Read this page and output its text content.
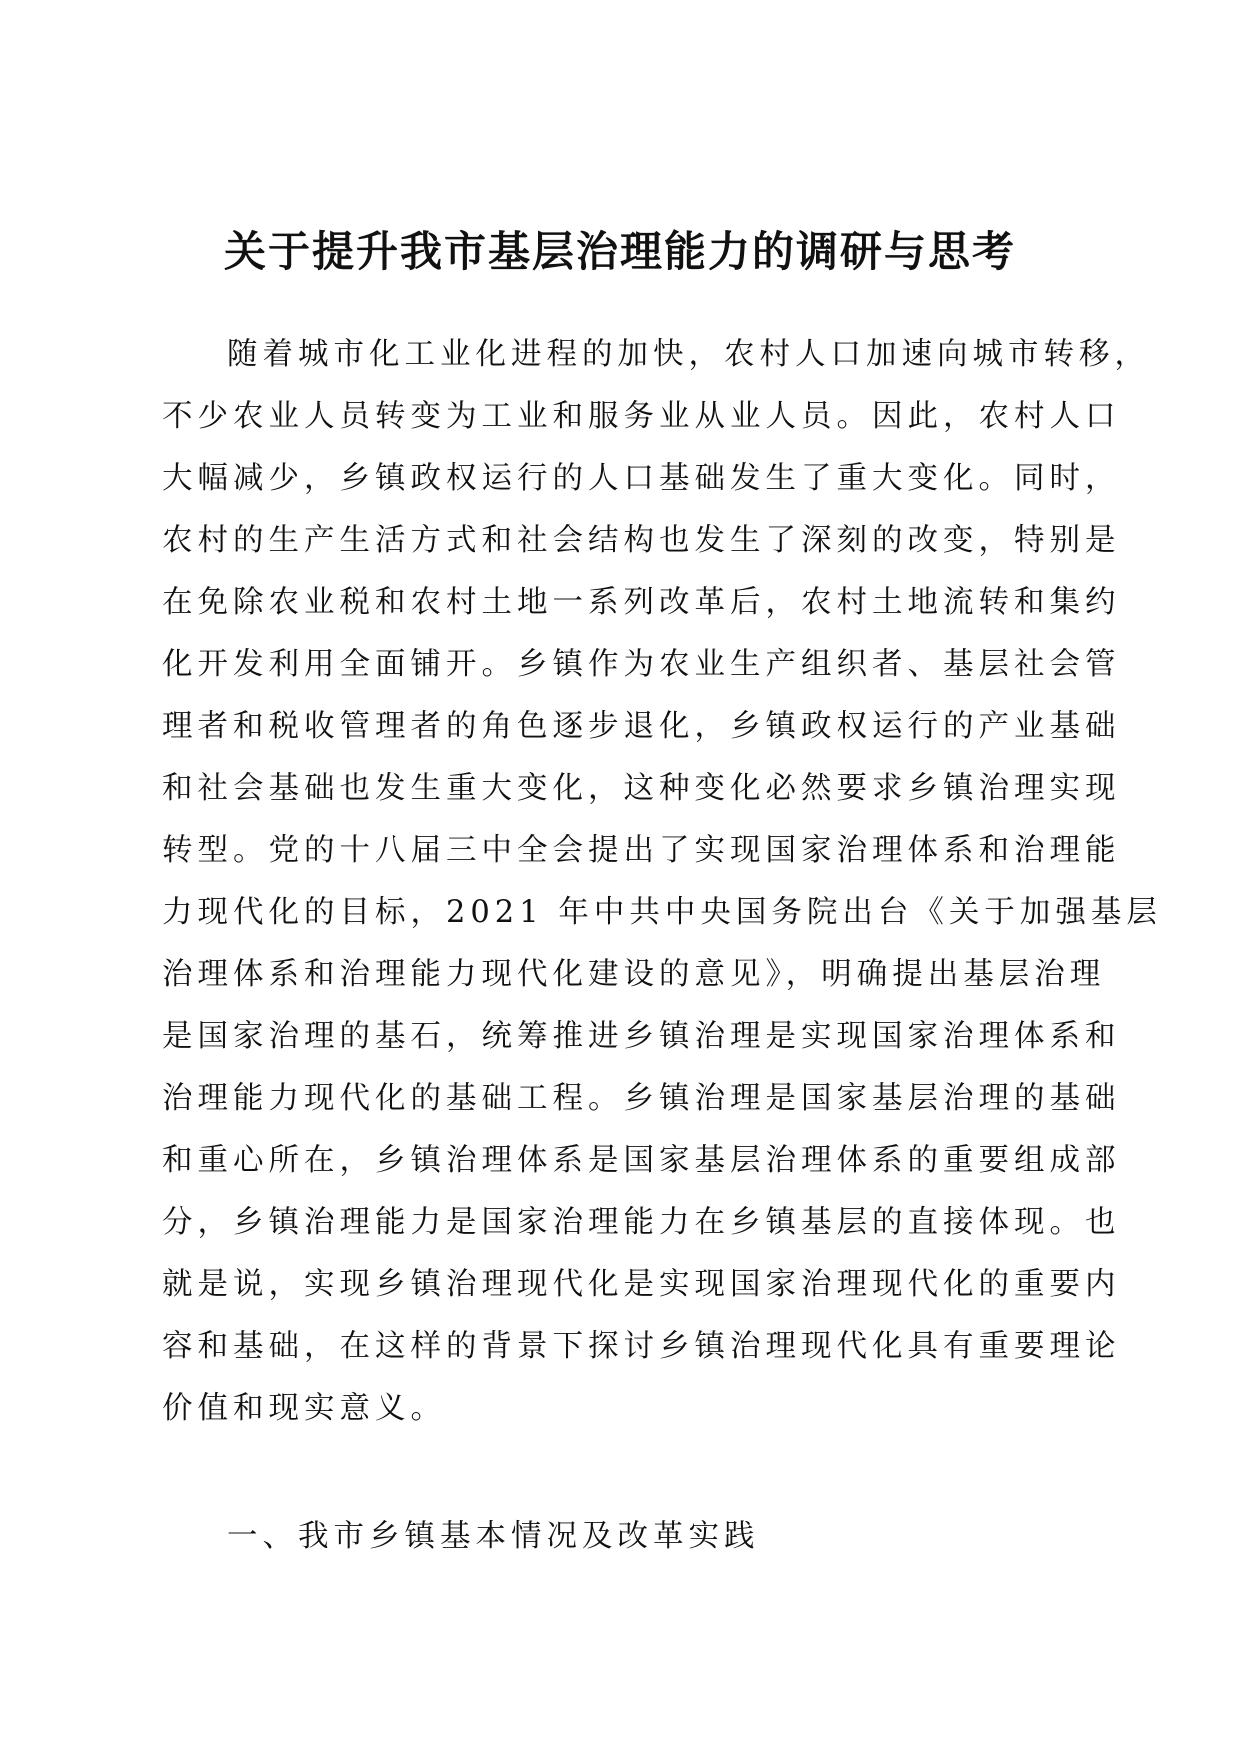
关于提升我市基层治理能力的调研与思考
随着城市化工业化进程的加快，农村人口加速向城市转移，
不少农业人员转变为工业和服务业从业人员。因此，农村人口
大幅减少，乡镇政权运行的人口基础发生了重大变化。同时，
农村的生产生活方式和社会结构也发生了深刻的改变，特别是
在免除农业税和农村土地一系列改革后，农村土地流转和集约
化开发利用全面铺开。乡镇作为农业生产组织者、基层社会管
理者和税收管理者的角色逐步退化，乡镇政权运行的产业基础
和社会基础也发生重大变化，这种变化必然要求乡镇治理实现
转型。党的十八届三中全会提出了实现国家治理体系和治理能
力现代化的目标，2021 年中共中央国务院出台《关于加强基层
治理体系和治理能力现代化建设的意见》，明确提出基层治理
是国家治理的基石，统筹推进乡镇治理是实现国家治理体系和
治理能力现代化的基础工程。乡镇治理是国家基层治理的基础
和重心所在，乡镇治理体系是国家基层治理体系的重要组成部
分，乡镇治理能力是国家治理能力在乡镇基层的直接体现。也
就是说，实现乡镇治理现代化是实现国家治理现代化的重要内
容和基础，在这样的背景下探讨乡镇治理现代化具有重要理论
价值和现实意义。
一、我市乡镇基本情况及改革实践
